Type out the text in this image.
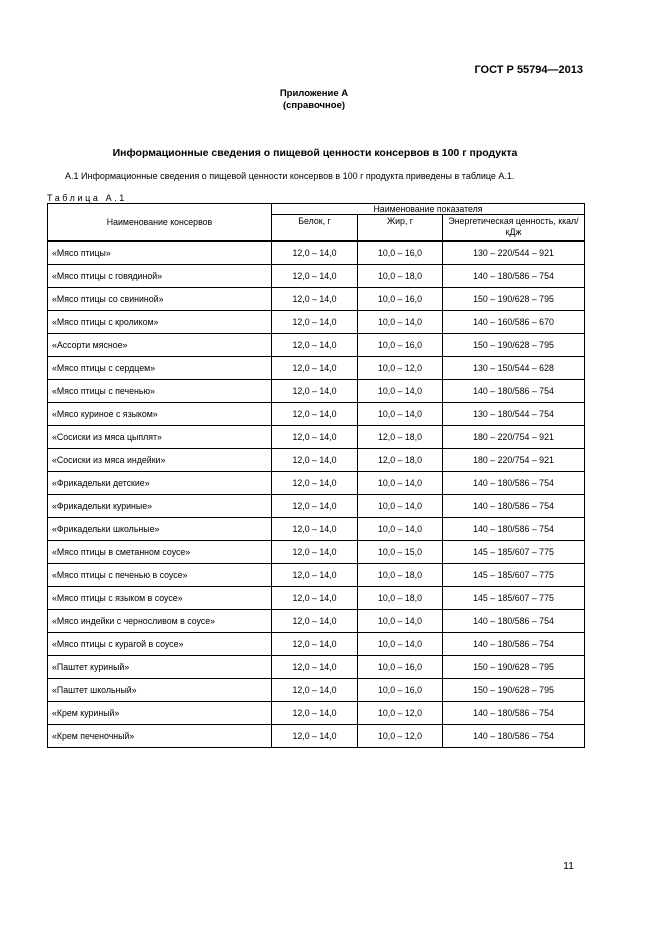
ГОСТ Р 55794—2013
Приложение А
(справочное)
Информационные сведения о пищевой ценности консервов в 100 г продукта
А.1 Информационные сведения о пищевой ценности консервов в 100 г продукта приведены в таблице А.1.
Таблица А.1
Наименование консервов	Наименование показателя		
	Белок, г	Жир, г	Энергетическая ценность, ккал/кДж
«Мясо птицы»	12,0 – 14,0	10,0 – 16,0	130 – 220/544 – 921
«Мясо птицы с говядиной»	12,0 – 14,0	10,0 – 18,0	140 – 180/586 – 754
«Мясо птицы со свининой»	12,0 – 14,0	10,0 – 16,0	150 – 190/628 – 795
«Мясо птицы с кроликом»	12,0 – 14,0	10,0 – 14,0	140 – 160/586 – 670
«Ассорти мясное»	12,0 – 14,0	10,0 – 16,0	150 – 190/628 – 795
«Мясо птицы с сердцем»	12,0 – 14,0	10,0 – 12,0	130 – 150/544 – 628
«Мясо птицы с печенью»	12,0 – 14,0	10,0 – 14,0	140 – 180/586 – 754
«Мясо куриное с языком»	12,0 – 14,0	10,0 – 14,0	130 – 180/544 – 754
«Сосиски из мяса цыплят»	12,0 – 14,0	12,0 – 18,0	180 – 220/754 – 921
«Сосиски из мяса индейки»	12,0 – 14,0	12,0 – 18,0	180 – 220/754 – 921
«Фрикадельки детские»	12,0 – 14,0	10,0 – 14,0	140 – 180/586 – 754
«Фрикадельки куриные»	12,0 – 14,0	10,0 – 14,0	140 – 180/586 – 754
«Фрикадельки школьные»	12,0 – 14,0	10,0 – 14,0	140 – 180/586 – 754
«Мясо птицы в сметанном соусе»	12,0 – 14,0	10,0 – 15,0	145 – 185/607 – 775
«Мясо птицы с печенью в соусе»	12,0 – 14,0	10,0 – 18,0	145 – 185/607 – 775
«Мясо птицы с языком в соусе»	12,0 – 14,0	10,0 – 18,0	145 – 185/607 – 775
«Мясо индейки с черносливом в соусе»	12,0 – 14,0	10,0 – 14,0	140 – 180/586 – 754
«Мясо птицы с курагой в соусе»	12,0 – 14,0	10,0 – 14,0	140 – 180/586 – 754
«Паштет куриный»	12,0 – 14,0	10,0 – 16,0	150 – 190/628 – 795
«Паштет школьный»	12,0 – 14,0	10,0 – 16,0	150 – 190/628 – 795
«Крем куриный»	12,0 – 14,0	10,0 – 12,0	140 – 180/586 – 754
«Крем печеночный»	12,0 – 14,0	10,0 – 12,0	140 – 180/586 – 754
11
